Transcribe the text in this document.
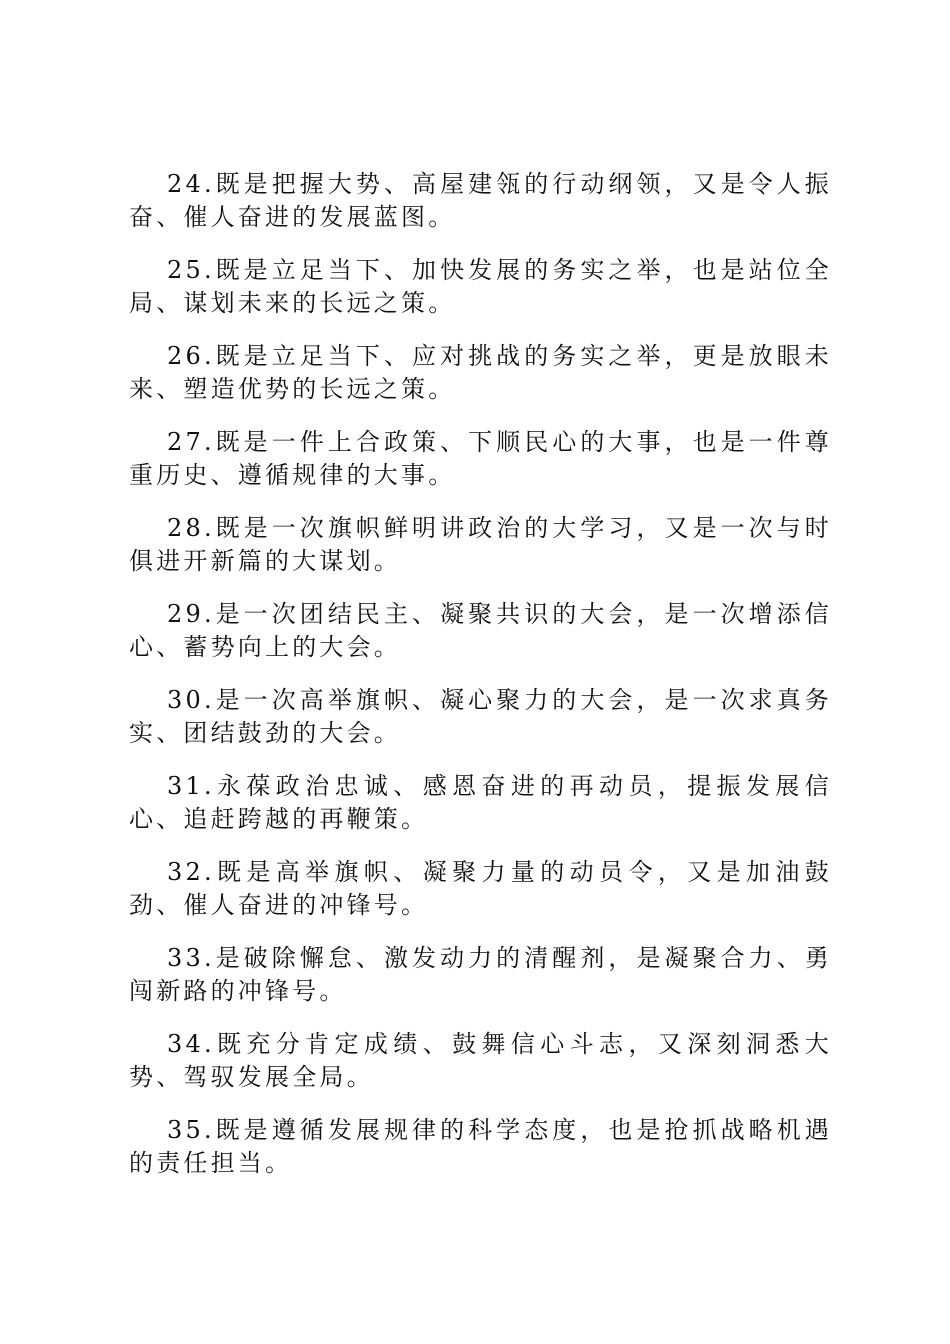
24.既是把握大势、高屋建瓴的行动纲领，又是令人振奋、催人奋进的发展蓝图。

25.既是立足当下、加快发展的务实之举，也是站位全局、谋划未来的长远之策。

26.既是立足当下、应对挑战的务实之举，更是放眼未来、塑造优势的长远之策。

27.既是一件上合政策、下顺民心的大事，也是一件尊重历史、遵循规律的大事。

28.既是一次旗帜鲜明讲政治的大学习，又是一次与时俱进开新篇的大谋划。

29.是一次团结民主、凝聚共识的大会，是一次增添信心、蓄势向上的大会。

30.是一次高举旗帜、凝心聚力的大会，是一次求真务实、团结鼓劲的大会。

31.永葆政治忠诚、感恩奋进的再动员，提振发展信心、追赶跨越的再鞭策。

32.既是高举旗帜、凝聚力量的动员令，又是加油鼓劲、催人奋进的冲锋号。

33.是破除懈怠、激发动力的清醒剂，是凝聚合力、勇闯新路的冲锋号。

34.既充分肯定成绩、鼓舞信心斗志，又深刻洞悉大势、驾驭发展全局。

35.既是遵循发展规律的科学态度，也是抢抓战略机遇的责任担当。
